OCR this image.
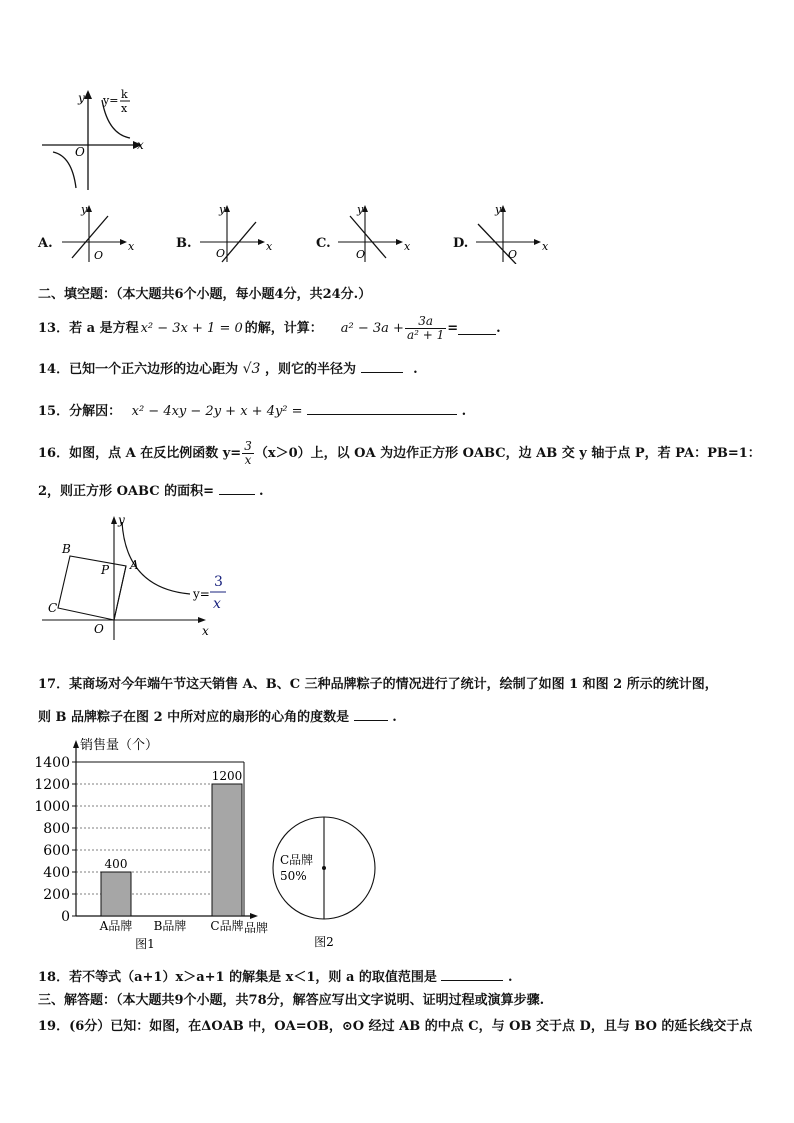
y
x
O
y= k
x
A.
y
x
O
B.
y
x
O
C.
y
x
O
D.
y
x
O
二、填空题：（本大题共6个小题，每小题4分，共24分.）
13．若 a 是方程 x² − 3x + 1 = 0 的解，计算： $a^2 - 3a + \frac{3a}{\text{a² + 1}}$ =	.
14．已知一个正六边形的边心距为 √3 ，则它的半径为	.
15．分解因： x² − 4xy − 2y + x + 4y² =	.
16．如图，点 A 在反比例函数 $y= \frac{3}{x} (x>0)$上，以 OA 为边作正方形 OABC，边 AB 交 y 轴于点 P，若 PA：PB=1：
2，则正方形 OABC 的面积=	.
B
P A
C
O	x
y
y=
3
x
17．某商场对今年端午节这天销售 A、B、C 三种品牌粽子的情况进行了统计，绘制了如图 1 和图 2 所示的统计图，
则 B 品牌粽子在图 2 中所对应的扇形的心角的度数是	.
0
200
400
600
800
1000
1200
1400
销售量（个）
品牌
400
A品牌 B品牌
1200
C品牌
图1
C品牌
50%
图2
18．若不等式（a+1）x＞a+1 的解集是 x＜1，则 a 的取值范围是	.
三、解答题：（本大题共9个小题，共78分，解答应写出文字说明、证明过程或演算步骤.
19．(6分）已知：如图，在ΔOAB 中，OA=OB，⊙O 经过 AB 的中点 C，与 OB 交于点 D，且与 BO 的延长线交于点
